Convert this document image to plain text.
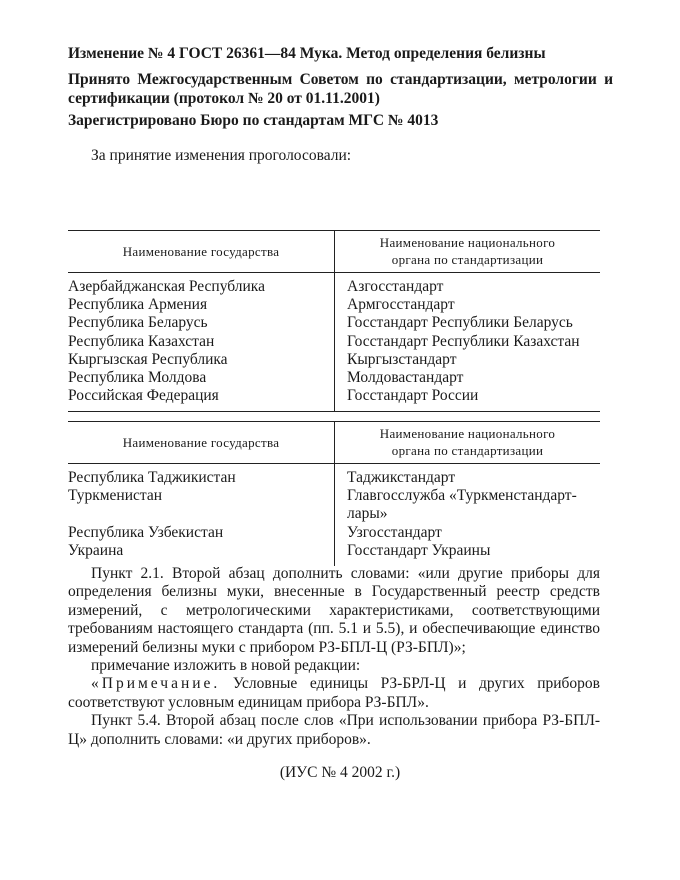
Изменение № 4 ГОСТ 26361—84 Мука. Метод определения белизны

Принято Межгосударственным Советом по стандартизации, метрологии и сертификации (протокол № 20 от 01.11.2001)

Зарегистрировано Бюро по стандартам МГС № 4013

За принятие изменения проголосовали:
Наименование государства	Наименование национального
органа по стандартизации

Азербайджанская Республика	Азгосстандарт
Республика Армения	Армгосстандарт
Республика Беларусь	Госстандарт Республики Беларусь
Республика Казахстан	Госстандарт Республики Казахстан
Кыргызская Республика	Кыргызстандарт
Республика Молдова	Молдовастандарт
Российская Федерация	Госстандарт России
Наименование государства	Наименование национального
органа по стандартизации

Республика Таджикистан	Таджикстандарт
Туркменистан	Главгосслужба «Туркменстандарт-лары»
Республика Узбекистан	Узгосстандарт
Украина	Госстандарт Украины

Пункт 2.1. Второй абзац дополнить словами: «или другие приборы для определения белизны муки, внесенные в Государственный реестр средств измерений, с метрологическими характеристиками, соответствующими требованиям настоящего стандарта (пп. 5.1 и 5.5), и обеспечивающие единство измерений белизны муки с прибором РЗ-БПЛ-Ц (РЗ-БПЛ)»;

примечание изложить в новой редакции:

«Примечание. Условные единицы РЗ-БРЛ-Ц и других приборов соответствуют условным единицам прибора РЗ-БПЛ».

Пункт 5.4. Второй абзац после слов «При использовании прибора РЗ-БПЛ-Ц» дополнить словами: «и других приборов».

(ИУС № 4 2002 г.)
